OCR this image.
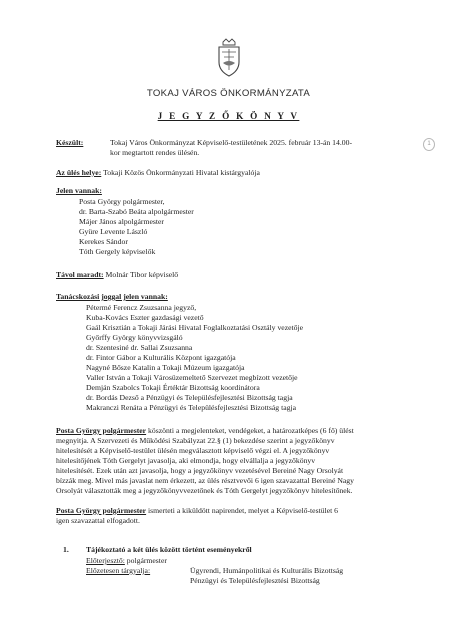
TOKAJ VÁROS ÖNKORMÁNYZATA
J E G Y Z Ő K Ö N Y V
Készült:	Tokaj Város Önkormányzat Képviselő-testületének 2025. február 13-án 14.00-
kor megtartott rendes ülésén.
1
Az ülés helye: Tokaji Közös Önkormányzati Hivatal kistárgyalója
Jelen vannak:
Posta György polgármester,
dr. Barta-Szabó Beáta alpolgármester
Májer János alpolgármester
Gyüre Levente László
Kerekes Sándor
Tóth Gergely képviselők
Távol maradt: Molnár Tibor képviselő
Tanácskozási joggal jelen vannak:
Pétermé Ferencz Zsuzsanna jegyző,
Kuba-Kovács Eszter gazdasági vezető
Gaál Krisztián a Tokaji Járási Hivatal Foglalkoztatási Osztály vezetője
Győrffy György könyvvizsgáló
dr. Szentesiné dr. Sallai Zsuzsanna
dr. Fintor Gábor a Kulturális Központ igazgatója
Nagyné Bősze Katalin a Tokaji Múzeum igazgatója
Valler István a Tokaji Városüzemeltető Szervezet megbízott vezetője
Demján Szabolcs Tokaji Értéktár Bizottság koordinátora
dr. Bordás Dezső a Pénzügyi és Településfejlesztési Bizottság tagja
Makranczi Renáta a Pénzügyi és Településfejlesztési Bizottság tagja
Posta György polgármester köszönti a megjelenteket, vendégeket, a határozatképes (6 fő) ülést
megnyitja. A Szervezeti és Működési Szabályzat 22.§ (1) bekezdése szerint a jegyzőkönyv
hitelesítését a Képviselő-testület ülésén megválasztott képviselő végzi el. A jegyzőkönyv
hitelesítőjének Tóth Gergelyt javasolja, aki elmondja, hogy elvállalja a jegyzőkönyv
hitelesítését. Ezek után azt javasolja, hogy a jegyzőkönyv vezetésével Bereiné Nagy Orsolyát
bízzák meg. Mivel más javaslat nem érkezett, az ülés résztvevői 6 igen szavazattal Bereiné Nagy
Orsolyát választották meg a jegyzőkönyvvezetőnek és Tóth Gergelyt jegyzőkönyv hitelesítőnek.
Posta György polgármester ismerteti a kiküldött napirendet, melyet a Képviselő-testület 6
igen szavazattal elfogadott.
1. Tájékoztató a két ülés között történt eseményekről
Előterjesztő: polgármester
Előzetesen tárgyalja:	Ügyrendi, Humánpolitikai és Kulturális Bizottság
Pénzügyi és Településfejlesztési Bizottság
